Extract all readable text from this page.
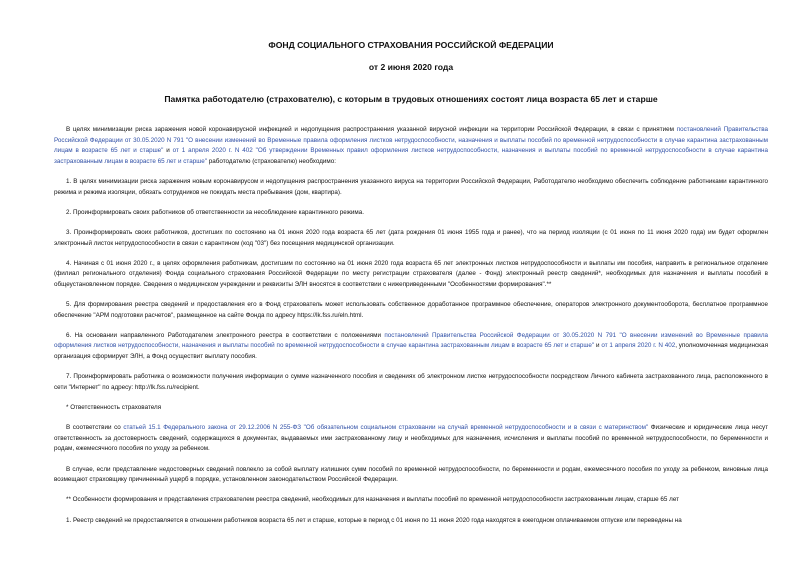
ФОНД СОЦИАЛЬНОГО СТРАХОВАНИЯ РОССИЙСКОЙ ФЕДЕРАЦИИ
от 2 июня 2020 года
Памятка работодателю (страхователю), с которым в трудовых отношениях состоят лица возраста 65 лет и старше

В целях минимизации риска заражения новой коронавирусной инфекцией и недопущения распространения указанной вирусной инфекции на территории Российской Федерации, в связи с принятием постановлений Правительства Российской Федерации от 30.05.2020 N 791 "О внесении изменений во Временные правила оформления листков нетрудоспособности, назначения и выплаты пособий по временной нетрудоспособности в случае карантина застрахованным лицам в возрасте 65 лет и старше" и от 1 апреля 2020 г. N 402 "Об утверждении Временных правил оформления листков нетрудоспособности, назначения и выплаты пособий по временной нетрудоспособности в случае карантина застрахованным лицам в возрасте 65 лет и старше" работодателю (страхователю) необходимо:

1. В целях минимизации риска заражения новым коронавирусом и недопущения распространения указанного вируса на территории Российской Федерации, Работодателю необходимо обеспечить соблюдение работниками карантинного режима и режима изоляции, обязать сотрудников не покидать места пребывания (дом, квартира).

2. Проинформировать своих работников об ответственности за несоблюдение карантинного режима.

3. Проинформировать своих работников, достигших по состоянию на 01 июня 2020 года возраста 65 лет (дата рождения 01 июня 1955 года и ранее), что на период изоляции (с 01 июня по 11 июня 2020 года) им будет оформлен электронный листок нетрудоспособности в связи с карантином (код "03") без посещения медицинской организации.

4. Начиная с 01 июня 2020 г., в целях оформления работникам, достигшим по состоянию на 01 июня 2020 года возраста 65 лет электронных листков нетрудоспособности и выплаты им пособия, направить в региональное отделение (филиал регионального отделения) Фонда социального страхования Российской Федерации по месту регистрации страхователя (далее - Фонд) электронный реестр сведений*, необходимых для назначения и выплаты пособий в общеустановленном порядке. Сведения о медицинском учреждении и реквизиты ЭЛН вносятся в соответствии с нижеприведенными "Особенностями формирования".**

5. Для формирования реестра сведений и предоставления его в Фонд страхователь может использовать собственное доработанное программное обеспечение, операторов электронного документооборота, бесплатное программное обеспечение "АРМ подготовки расчетов", размещенное на сайте Фонда по адресу https://lk.fss.ru/eln.html.

6. На основании направленного Работодателем электронного реестра в соответствии с положениями постановлений Правительства Российской Федерации от 30.05.2020 N 791 "О внесении изменений во Временные правила оформления листков нетрудоспособности, назначения и выплаты пособий по временной нетрудоспособности в случае карантина застрахованным лицам в возрасте 65 лет и старше" и от 1 апреля 2020 г. N 402, уполномоченная медицинская организация сформирует ЭЛН, а Фонд осуществит выплату пособия.

7. Проинформировать работника о возможности получения информации о сумме назначенного пособия и сведениях об электронном листке нетрудоспособности посредством Личного кабинета застрахованного лица, расположенного в сети "Интернет" по адресу: http://lk.fss.ru/recipient.

* Ответственность страхователя

В соответствии со статьей 15.1 Федерального закона от 29.12.2006 N 255-ФЗ "Об обязательном социальном страховании на случай временной нетрудоспособности и в связи с материнством" Физические и юридические лица несут ответственность за достоверность сведений, содержащихся в документах, выдаваемых ими застрахованному лицу и необходимых для назначения, исчисления и выплаты пособий по временной нетрудоспособности, по беременности и родам, ежемесячного пособия по уходу за ребенком.

В случае, если представление недостоверных сведений повлекло за собой выплату излишних сумм пособий по временной нетрудоспособности, по беременности и родам, ежемесячного пособия по уходу за ребенком, виновные лица возмещают страховщику причиненный ущерб в порядке, установленном законодательством Российской Федерации.

** Особенности формирования и представления страхователем реестра сведений, необходимых для назначения и выплаты пособий по временной нетрудоспособности застрахованным лицам, старше 65 лет

1. Реестр сведений не предоставляется в отношении работников возраста 65 лет и старше, которые в период с 01 июня по 11 июня 2020 года находятся в ежегодном оплачиваемом отпуске или переведены на
